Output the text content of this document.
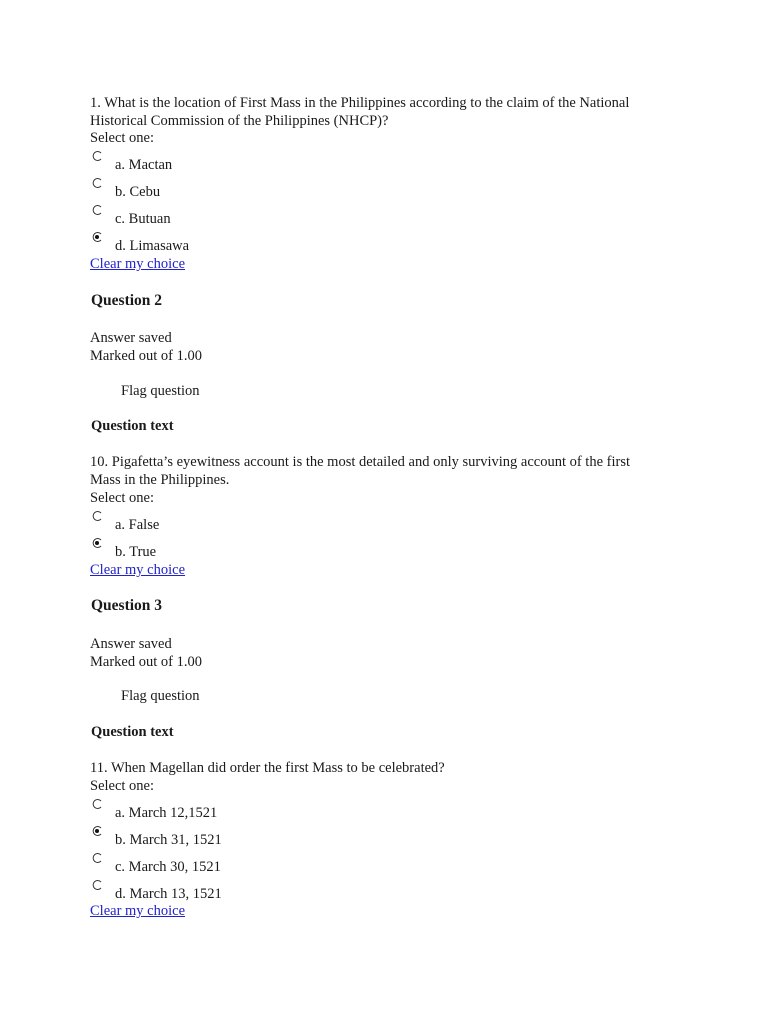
1. What is the location of First Mass in the Philippines according to the claim of the National
Historical Commission of the Philippines (NHCP)?
Select one:
a. Mactan
b. Cebu
c. Butuan
d. Limasawa
Clear my choice
Question 2
Answer saved
Marked out of 1.00
Flag question
Question text
10. Pigafetta’s eyewitness account is the most detailed and only surviving account of the first
Mass in the Philippines.
Select one:
a. False
b. True
Clear my choice
Question 3
Answer saved
Marked out of 1.00
Flag question
Question text
11. When Magellan did order the first Mass to be celebrated?
Select one:
a. March 12,1521
b. March 31, 1521
c. March 30, 1521
d. March 13, 1521
Clear my choice
